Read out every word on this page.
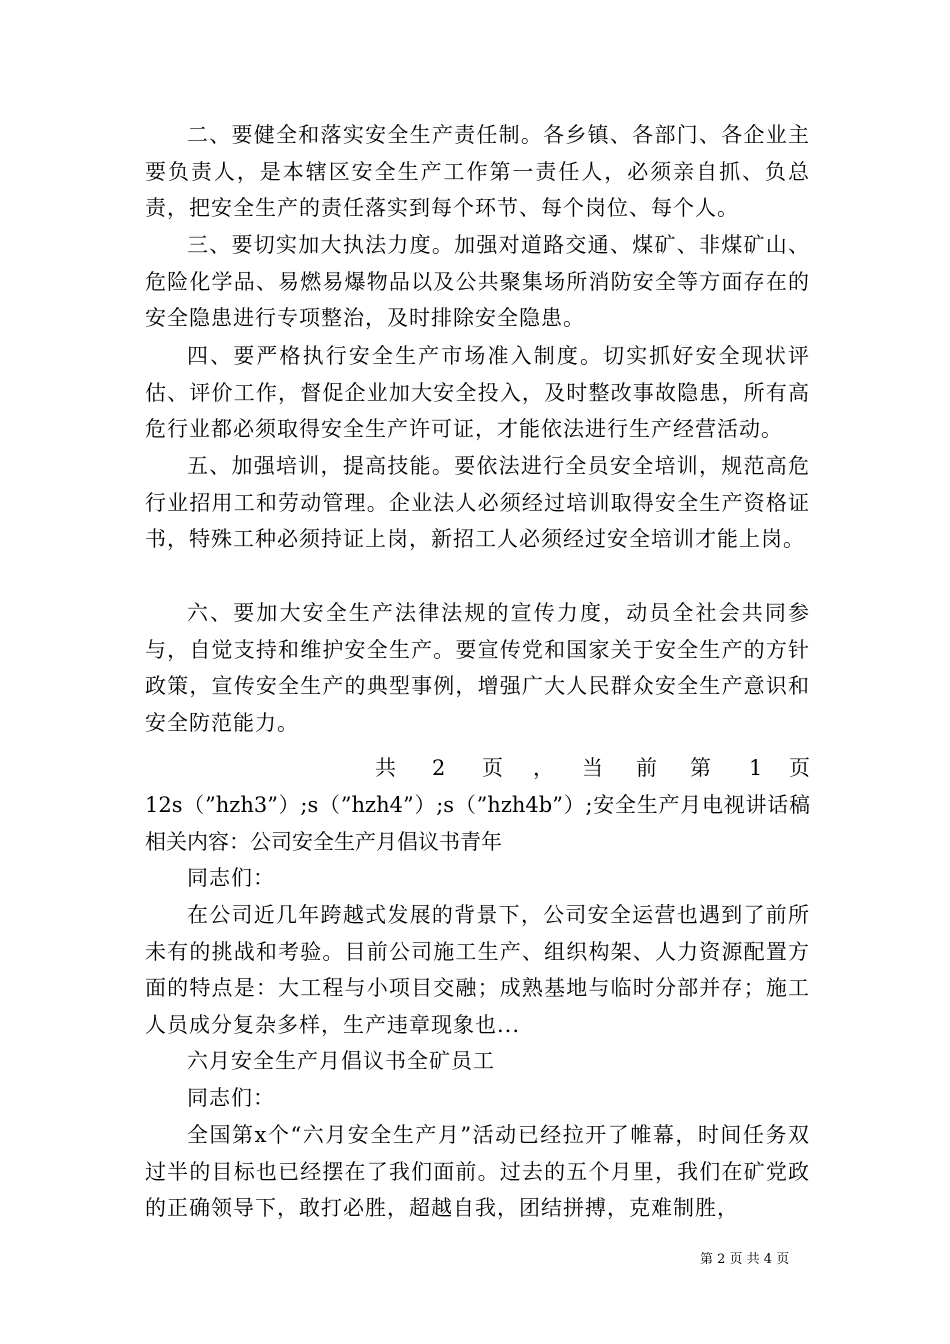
二、要健全和落实安全生产责任制。各乡镇、各部门、各企业主要负责人，是本辖区安全生产工作第一责任人，必须亲自抓、负总责，把安全生产的责任落实到每个环节、每个岗位、每个人。

三、要切实加大执法力度。加强对道路交通、煤矿、非煤矿山、危险化学品、易燃易爆物品以及公共聚集场所消防安全等方面存在的安全隐患进行专项整治，及时排除安全隐患。

四、要严格执行安全生产市场准入制度。切实抓好安全现状评估、评价工作，督促企业加大安全投入，及时整改事故隐患，所有高危行业都必须取得安全生产许可证，才能依法进行生产经营活动。

五、加强培训，提高技能。要依法进行全员安全培训，规范高危行业招用工和劳动管理。企业法人必须经过培训取得安全生产资格证书，特殊工种必须持证上岗，新招工人必须经过安全培训才能上岗。

六、要加大安全生产法律法规的宣传力度，动员全社会共同参与，自觉支持和维护安全生产。要宣传党和国家关于安全生产的方针政策，宣传安全生产的典型事例，增强广大人民群众安全生产意识和安全防范能力。

共 2 页 ， 当 前 第 1 页

12s（”hzh3”）;s（”hzh4”）;s（”hzh4b”）;安全生产月电视讲话稿相关内容：公司安全生产月倡议书青年

同志们：

在公司近几年跨越式发展的背景下，公司安全运营也遇到了前所未有的挑战和考验。目前公司施工生产、组织构架、人力资源配置方面的特点是：大工程与小项目交融；成熟基地与临时分部并存；施工人员成分复杂多样，生产违章现象也...

六月安全生产月倡议书全矿员工

同志们：

全国第x个“六月安全生产月”活动已经拉开了帷幕，时间任务双过半的目标也已经摆在了我们面前。过去的五个月里，我们在矿党政的正确领导下，敢打必胜，超越自我，团结拼搏，克难制胜，

第 2 页 共 4 页
